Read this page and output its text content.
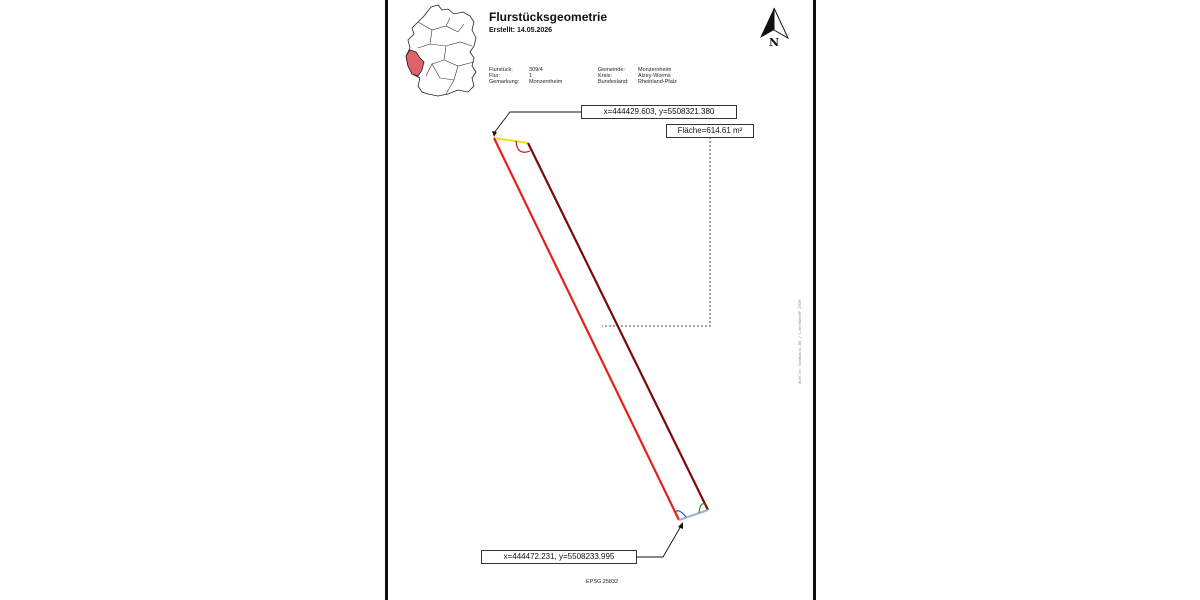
Flurstücksgeometrie
Erstellt: 14.05.2026
Flurstück:	309/4
Flur:	1
Gemarkung: Monzernheim
Gemeinde: Monzernheim
Kreis:	Alzey-Worms
Bundesland: Rheinland-Pfalz
N
x=444429.603, y=5508321.380
Fläche=614.61 m²
x=444472.231, y=5508233.995
Quelle: GeoBasis-DE / LVermGeoRP 2026
EPSG:25832
